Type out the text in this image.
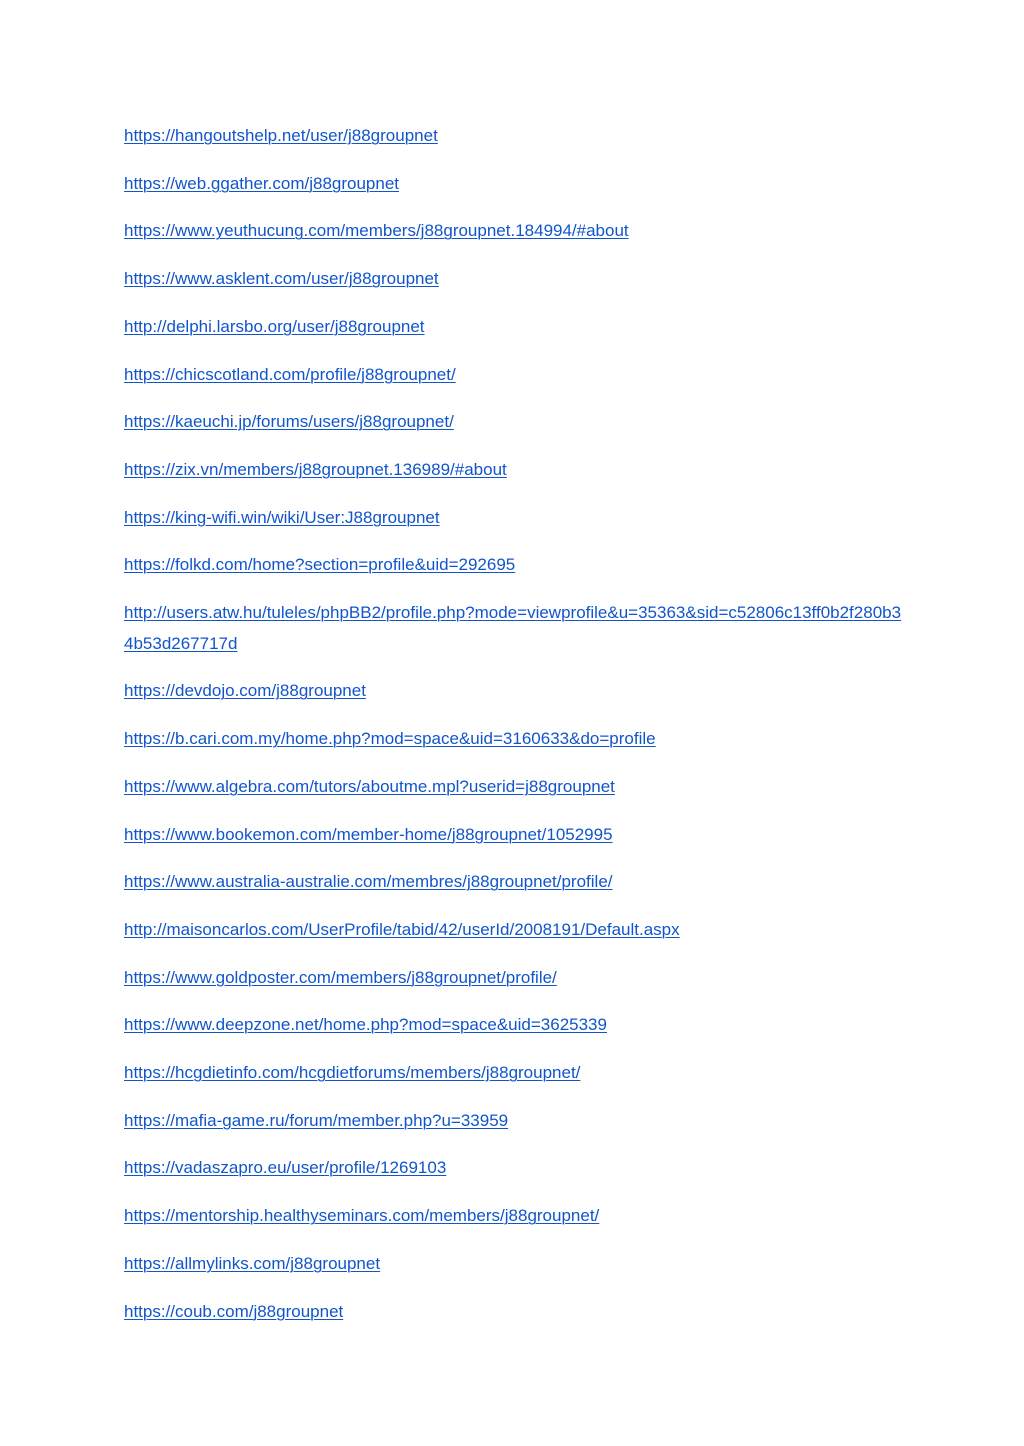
https://hangoutshelp.net/user/j88groupnet
https://web.ggather.com/j88groupnet
https://www.yeuthucung.com/members/j88groupnet.184994/#about
https://www.asklent.com/user/j88groupnet
http://delphi.larsbo.org/user/j88groupnet
https://chicscotland.com/profile/j88groupnet/
https://kaeuchi.jp/forums/users/j88groupnet/
https://zix.vn/members/j88groupnet.136989/#about
https://king-wifi.win/wiki/User:J88groupnet
https://folkd.com/home?section=profile&uid=292695
http://users.atw.hu/tuleles/phpBB2/profile.php?mode=viewprofile&u=35363&sid=c52806c13ff0b2f280b34b53d267717d
https://devdojo.com/j88groupnet
https://b.cari.com.my/home.php?mod=space&uid=3160633&do=profile
https://www.algebra.com/tutors/aboutme.mpl?userid=j88groupnet
https://www.bookemon.com/member-home/j88groupnet/1052995
https://www.australia-australie.com/membres/j88groupnet/profile/
http://maisoncarlos.com/UserProfile/tabid/42/userId/2008191/Default.aspx
https://www.goldposter.com/members/j88groupnet/profile/
https://www.deepzone.net/home.php?mod=space&uid=3625339
https://hcgdietinfo.com/hcgdietforums/members/j88groupnet/
https://mafia-game.ru/forum/member.php?u=33959
https://vadaszapro.eu/user/profile/1269103
https://mentorship.healthyseminars.com/members/j88groupnet/
https://allmylinks.com/j88groupnet
https://coub.com/j88groupnet
